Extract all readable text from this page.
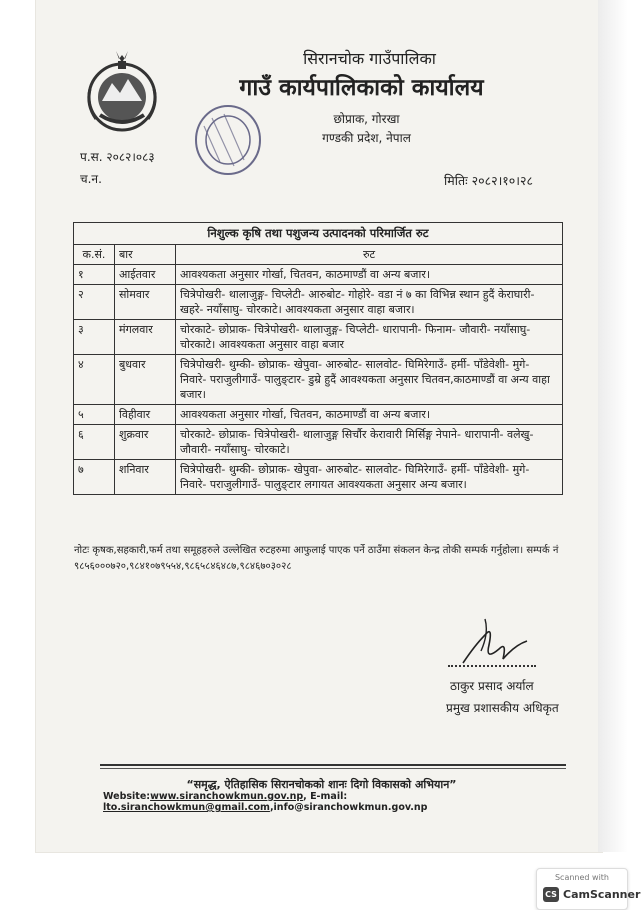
सिरानचोक गाउँपालिका
गाउँ कार्यपालिकाको कार्यालय
छोप्राक, गोरखा
गण्डकी प्रदेश, नेपाल
प.स. २०८२।०८३
च.न.	मितिः २०८२।१०।२८
निशुल्क कृषि तथा पशुजन्य उत्पादनको परिमार्जित रुट		
क.सं.	बार	रुट
१	आईतवार	आवश्यकता अनुसार गोर्खा, चितवन, काठमाण्डौं वा अन्य बजार।
२	सोमवार	चित्रेपोखरी- थालाजुङ्ग- चिप्लेटी- आरुबोट- गोहोरे- वडा नं ७ का विभिन्न स्थान हुदैं केराघारी- खहरे- नयाँसाघु- चोरकाटे। आवश्यकता अनुसार वाहा बजार।
३	मंगलवार	चोरकाटे- छोप्राक- चित्रेपोखरी- थालाजुङ्ग- चिप्लेटी- धारापानी- फिनाम- जौवारी- नयाँसाघु- चोरकाटे। आवश्यकता अनुसार वाहा बजार
४	बुधवार	चित्रेपोखरी- थुम्की- छोप्राक- खेपुवा- आरुबोट- सालवोट- घिमिरेगाउँ- हर्मी- पाँडेवेशी- मुगे- निवारे- पराजुलीगाउँ- पालुङ्टार- डुम्रे हुदैं आवश्यकता अनुसार चितवन,काठमाण्डौं वा अन्य वाहा बजार।
५	विहीवार	आवश्यकता अनुसार गोर्खा, चितवन, काठमाण्डौं वा अन्य बजार।
६	शुक्रवार	चोरकाटे- छोप्राक- चित्रेपोखरी- थालाजुङ्ग सिर्चौर केरावारी मिर्सिङ्ग नेपाने- धारापानी- वलेखु- जौवारी- नयाँसाघु- चोरकाटे।
७	शनिवार	चित्रेपोखरी- थुम्की- छोप्राक- खेपुवा- आरुबोट- सालवोट- घिमिरेगाउँ- हर्मी- पाँडेवेशी- मुगे- निवारे- पराजुलीगाउँ- पालुङ्टार लगायत आवश्यकता अनुसार अन्य बजार।
नोटः कृषक,सहकारी,फर्म तथा समूहहरुले उल्लेखित रुटहरुमा आफुलाई पाएक पर्ने ठाउँमा संकलन केन्द्र तोकी सम्पर्क गर्नुहोला। सम्पर्क नं ९८५६०००७२०,९८४१०७९५५४,९८६५८४६४८७,९८४६७०३०२८
ठाकुर प्रसाद अर्याल
प्रमुख प्रशासकीय अधिकृत
“समृद्ध, ऐतिहासिक सिरानचोकको शानः दिगो विकासको अभियान”
Website:www.siranchowkmun.gov.np, E-mail: lto.siranchowkmun@gmail.com,info@siranchowkmun.gov.np
Scanned with
CS CamScanner
